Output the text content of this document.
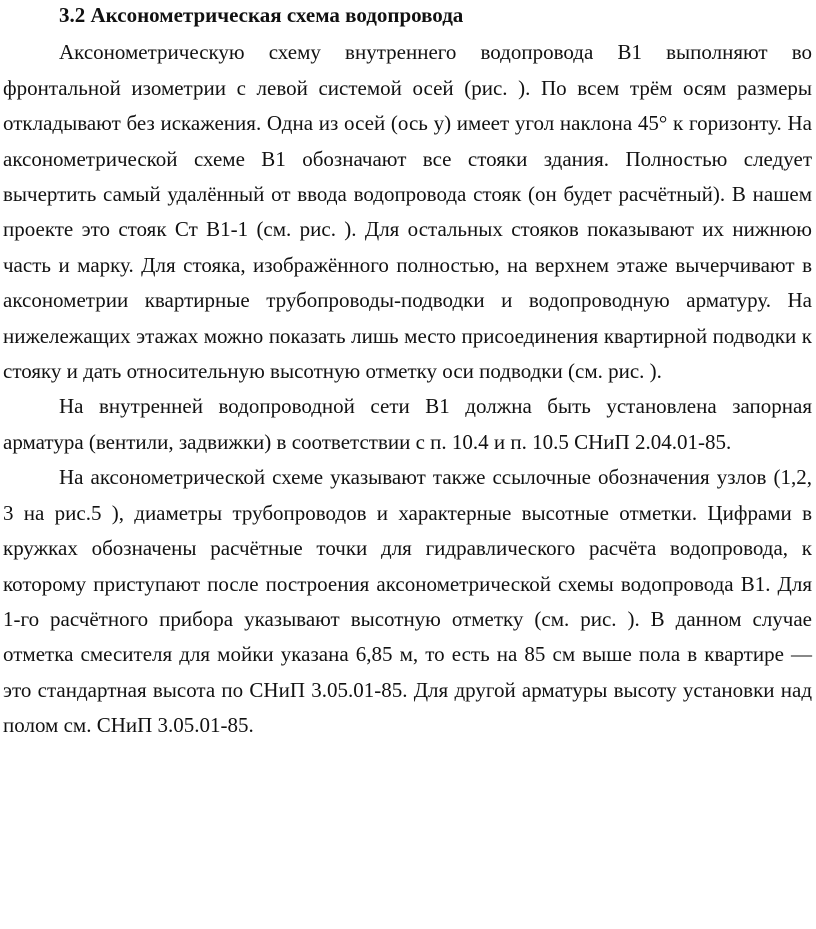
3.2 Аксонометрическая схема водопровода

Аксонометрическую схему внутреннего водопровода В1 выполняют во фронтальной изометрии с левой системой осей (рис. ). По всем трём осям размеры откладывают без искажения. Одна из осей (ось у) имеет угол наклона 45° к горизонту. На аксонометрической схеме В1 обозначают все стояки здания. Полностью следует вычертить самый удалённый от ввода водопровода стояк (он будет расчётный). В нашем проекте это стояк Ст В1-1 (см. рис. ). Для остальных стояков показывают их нижнюю часть и марку. Для стояка, изображённого полностью, на верхнем этаже вычерчивают в аксонометрии квартирные трубопроводы-подводки и водопроводную арматуру. На нижележащих этажах можно показать лишь место присоединения квартирной подводки к стояку и дать относительную высотную отметку оси подводки (см. рис. ).

На внутренней водопроводной сети В1 должна быть установлена запорная арматура (вентили, задвижки) в соответствии с п. 10.4 и п. 10.5 СНиП 2.04.01-85.

На аксонометрической схеме указывают также ссылочные обозначения узлов (1,2, 3 на рис.5 ), диаметры трубопроводов и характерные высотные отметки. Цифрами в кружках обозначены расчётные точки для гидравлического расчёта водопровода, к которому приступают после построения аксонометрической схемы водопровода В1. Для 1-го расчётного прибора указывают высотную отметку (см. рис. ). В данном случае отметка смесителя для мойки указана 6,85 м, то есть на 85 см выше пола в квартире — это стандартная высота по СНиП 3.05.01-85. Для другой арматуры высоту установки над полом см. СНиП 3.05.01-85.
